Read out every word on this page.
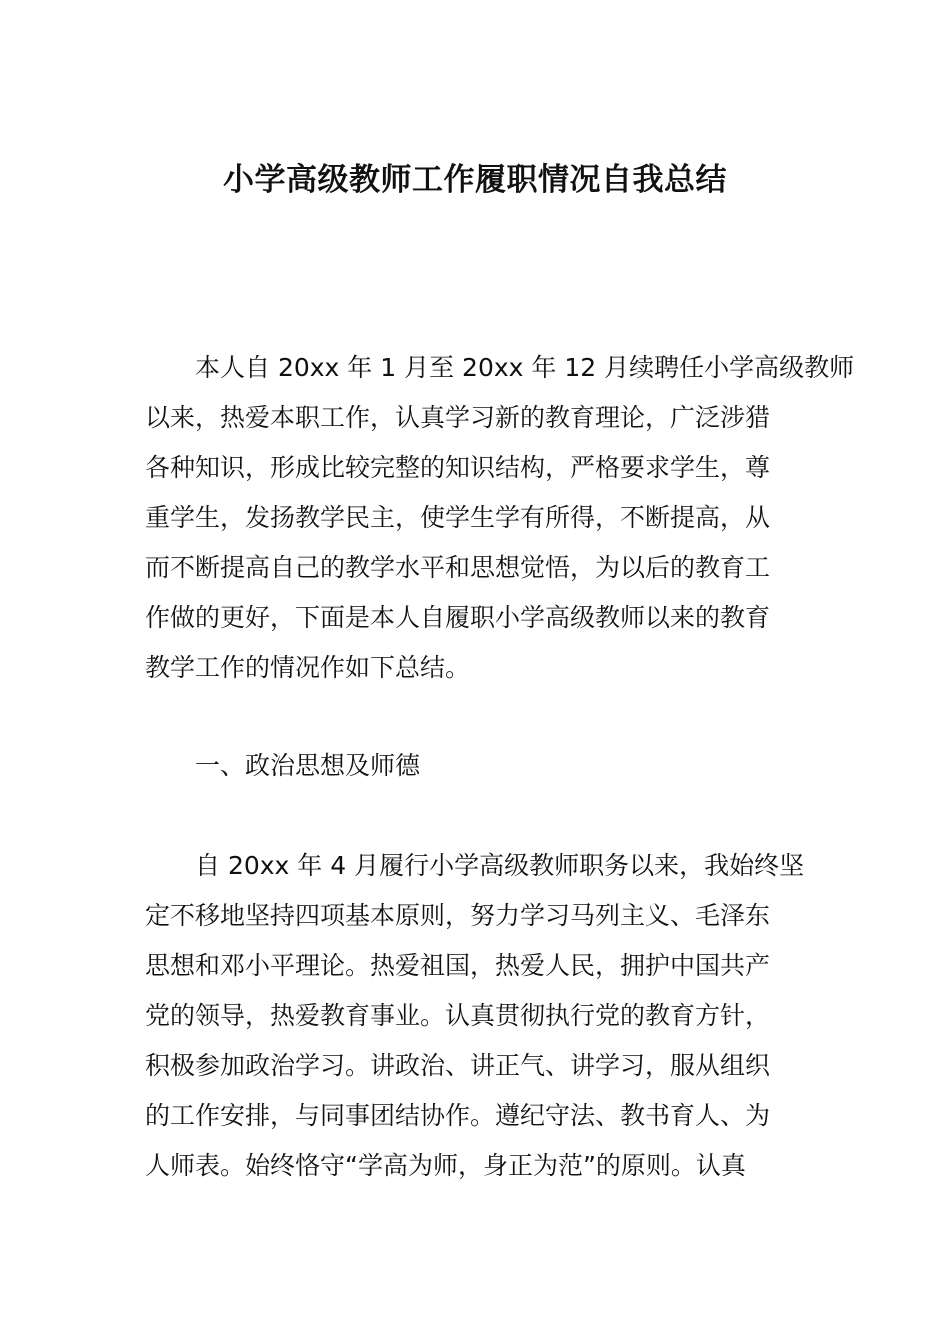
小学高级教师工作履职情况自我总结
本人自 20xx 年 1 月至 20xx 年 12 月续聘任小学高级教师
以来，热爱本职工作，认真学习新的教育理论，广泛涉猎
各种知识，形成比较完整的知识结构，严格要求学生，尊
重学生，发扬教学民主，使学生学有所得，不断提高，从
而不断提高自己的教学水平和思想觉悟，为以后的教育工
作做的更好，下面是本人自履职小学高级教师以来的教育
教学工作的情况作如下总结。
一、政治思想及师德
自 20xx 年 4 月履行小学高级教师职务以来，我始终坚
定不移地坚持四项基本原则，努力学习马列主义、毛泽东
思想和邓小平理论。热爱祖国，热爱人民，拥护中国共产
党的领导，热爱教育事业。认真贯彻执行党的教育方针，
积极参加政治学习。讲政治、讲正气、讲学习，服从组织
的工作安排，与同事团结协作。遵纪守法、教书育人、为
人师表。始终恪守“学高为师，身正为范”的原则。认真
